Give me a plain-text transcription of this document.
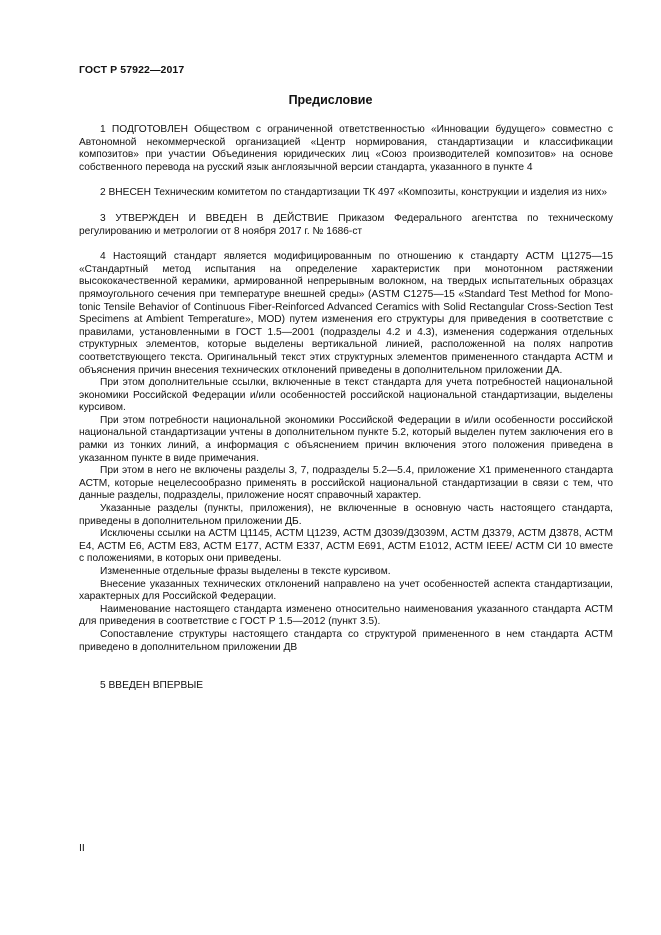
ГОСТ Р 57922—2017
Предисловие

1 ПОДГОТОВЛЕН Обществом с ограниченной ответственностью «Инновации будущего» совместно с Автономной некоммерческой организацией «Центр нормирования, стандартизации и классификации композитов» при участии Объединения юридических лиц «Союз производителей композитов» на основе собственного перевода на русский язык англоязычной версии стандарта, указанного в пункте 4

2 ВНЕСЕН Техническим комитетом по стандартизации ТК 497 «Композиты, конструкции и изделия из них»

3 УТВЕРЖДЕН И ВВЕДЕН В ДЕЙСТВИЕ Приказом Федерального агентства по техническому регулированию и метрологии от 8 ноября 2017 г. № 1686-ст

4 Настоящий стандарт является модифицированным по отношению к стандарту АСТМ Ц1275—15 «Стандартный метод испытания на определение характеристик при монотонном растяжении высококачественной керамики, армированной непрерывным волокном, на твердых испытательных образцах прямоугольного сечения при температуре внешней среды» (ASTM C1275—15 «Standard Test Method for Mono-tonic Tensile Behavior of Continuous Fiber-Reinforced Advanced Ceramics with Solid Rectangular Cross-Section Test Specimens at Ambient Temperature», MOD) путем изменения его структуры для приведения в соответствие с правилами, установленными в ГОСТ 1.5—2001 (подразделы 4.2 и 4.3), изменения содержания отдельных структурных элементов, которые выделены вертикальной линией, расположенной на полях напротив соответствующего текста. Оригинальный текст этих структурных элементов примененного стандарта АСТМ и объяснения причин внесения технических отклонений приведены в дополнительном приложении ДА.

При этом дополнительные ссылки, включенные в текст стандарта для учета потребностей национальной экономики Российской Федерации и/или особенностей российской национальной стандартизации, выделены курсивом.

При этом потребности национальной экономики Российской Федерации в и/или особенности российской национальной стандартизации учтены в дополнительном пункте 5.2, который выделен путем заключения его в рамки из тонких линий, а информация с объяснением причин включения этого положения приведена в указанном пункте в виде примечания.

При этом в него не включены разделы 3, 7, подразделы 5.2—5.4, приложение Х1 примененного стандарта АСТМ, которые нецелесообразно применять в российской национальной стандартизации в связи с тем, что данные разделы, подразделы, приложение носят справочный характер.

Указанные разделы (пункты, приложения), не включенные в основную часть настоящего стандарта, приведены в дополнительном приложении ДБ.

Исключены ссылки на АСТМ Ц1145, АСТМ Ц1239, АСТМ Д3039/Д3039М, АСТМ Д3379, АСТМ Д3878, АСТМ Е4, АСТМ Е6, АСТМ Е83, АСТМ Е177, АСТМ Е337, АСТМ Е691, АСТМ Е1012, АСТМ IEEE/ АСТМ СИ 10 вместе с положениями, в которых они приведены.

Измененные отдельные фразы выделены в тексте курсивом.

Внесение указанных технических отклонений направлено на учет особенностей аспекта стандартизации, характерных для Российской Федерации.

Наименование настоящего стандарта изменено относительно наименования указанного стандарта АСТМ для приведения в соответствие с ГОСТ Р 1.5—2012 (пункт 3.5).

Сопоставление структуры настоящего стандарта со структурой примененного в нем стандарта АСТМ приведено в дополнительном приложении ДВ

5 ВВЕДЕН ВПЕРВЫЕ

II
